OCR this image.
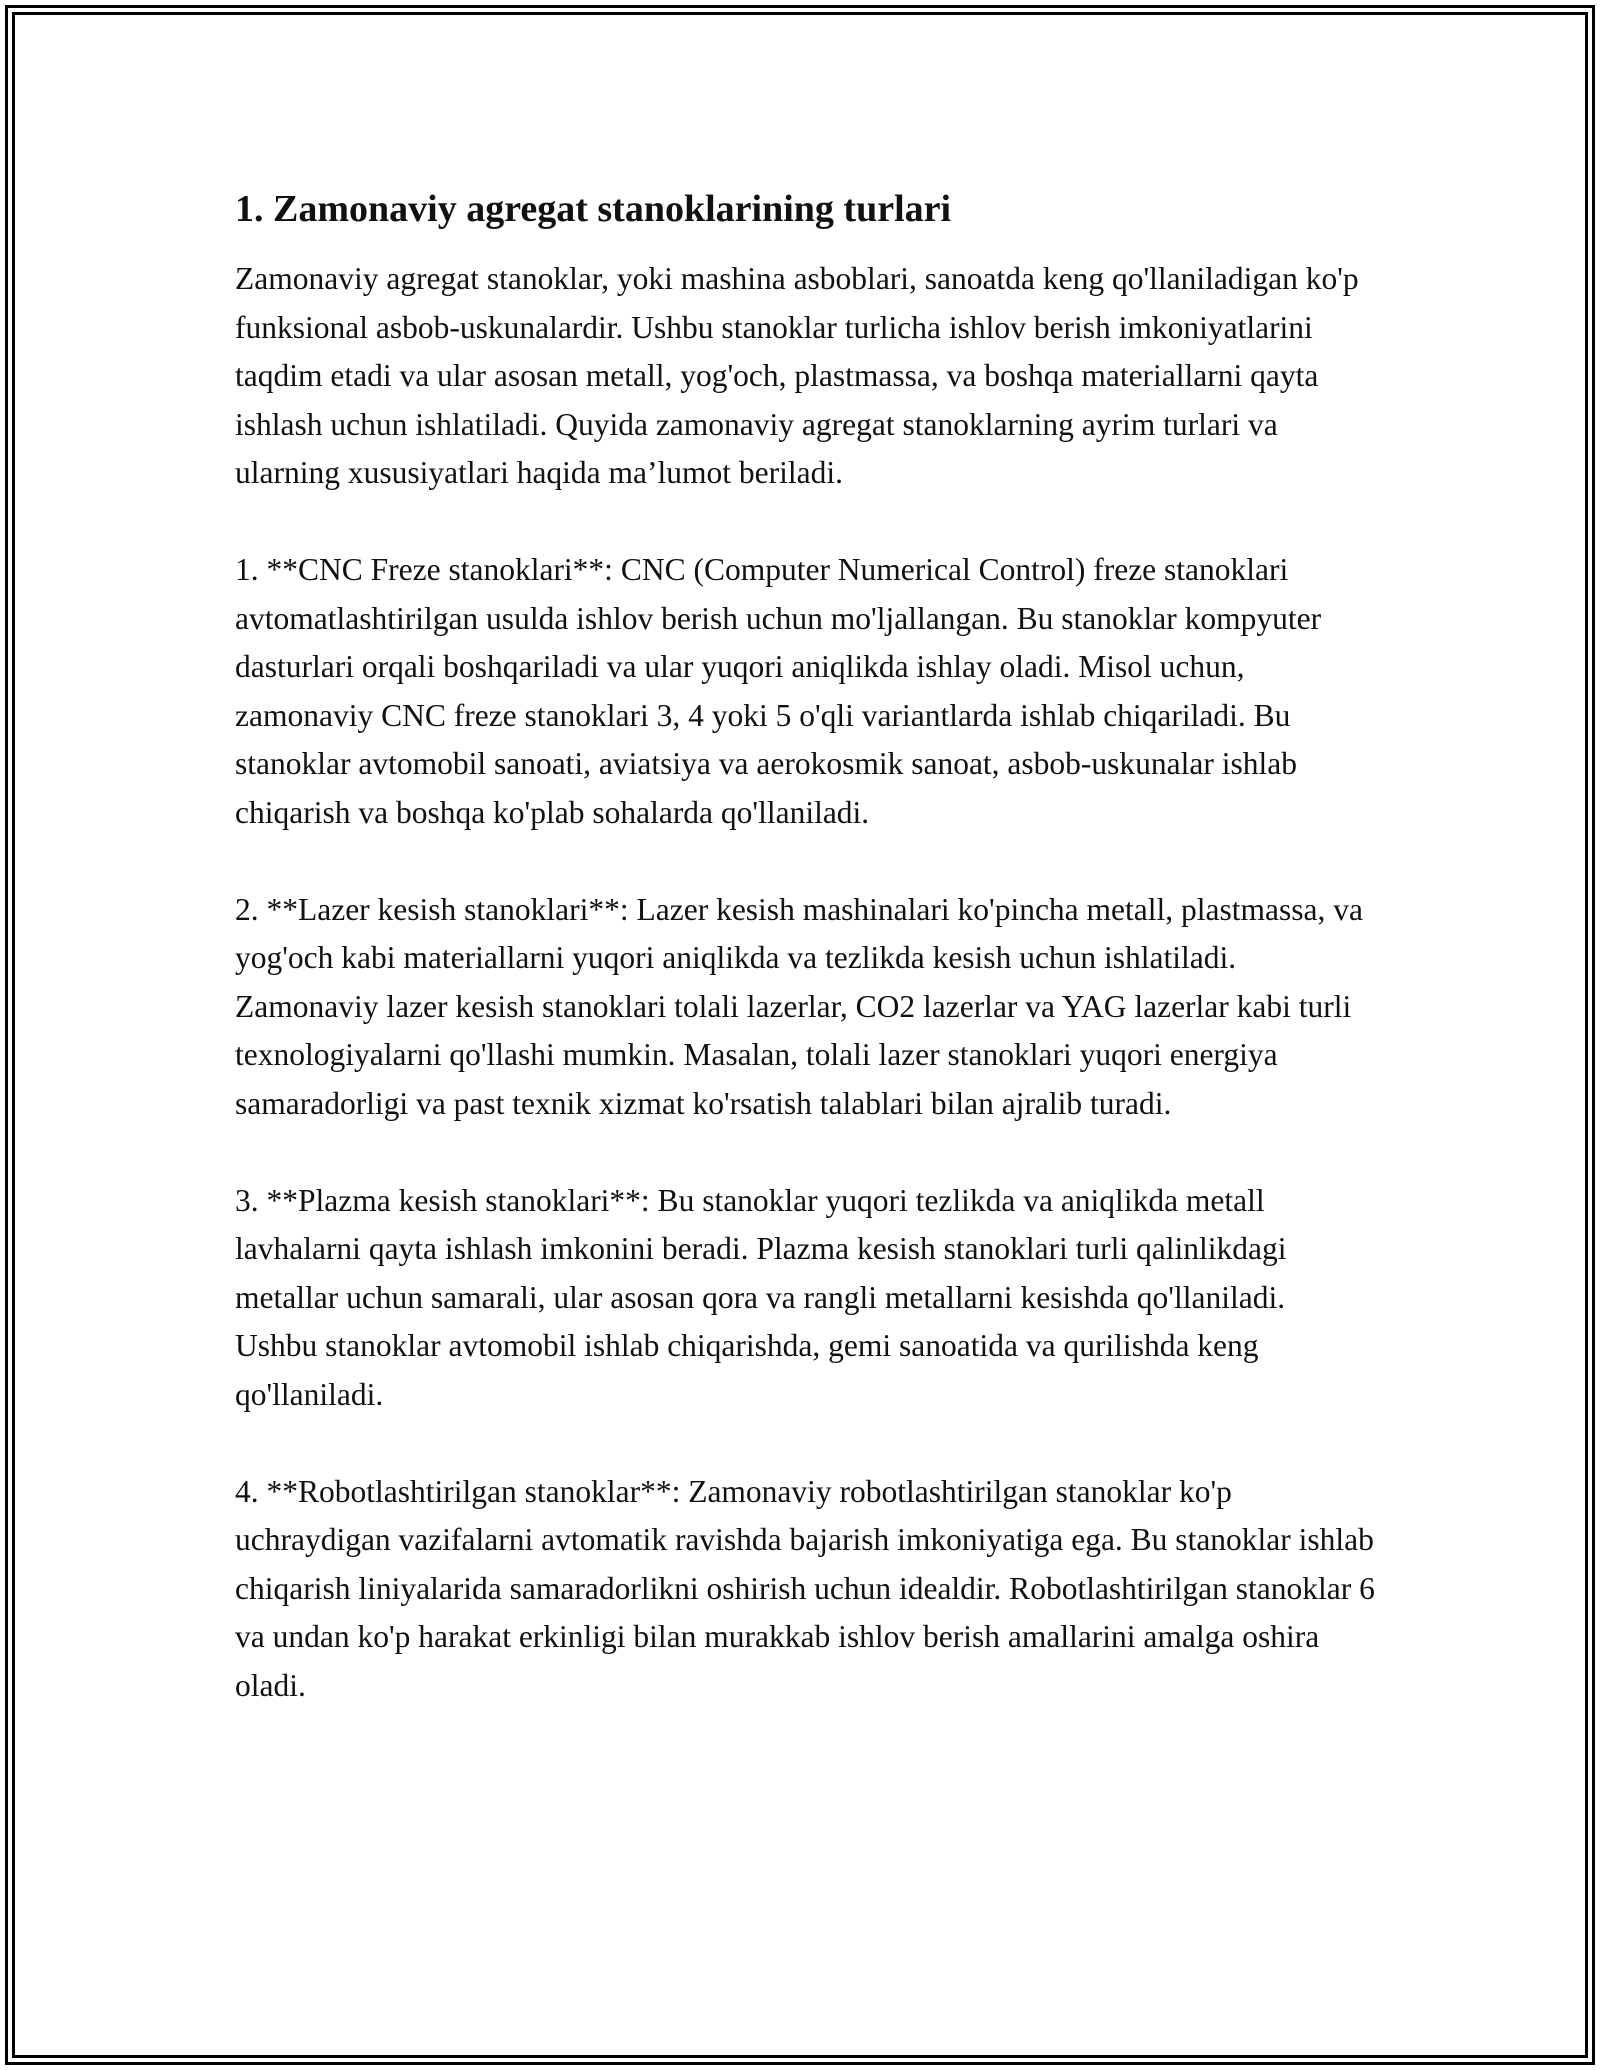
1. Zamonaviy agregat stanoklarining turlari

Zamonaviy agregat stanoklar, yoki mashina asboblari, sanoatda keng qo'llaniladigan ko'p funksional asbob-uskunalardir. Ushbu stanoklar turlicha ishlov berish imkoniyatlarini taqdim etadi va ular asosan metall, yog'och, plastmassa, va boshqa materiallarni qayta ishlash uchun ishlatiladi. Quyida zamonaviy agregat stanoklarning ayrim turlari va ularning xususiyatlari haqida ma’lumot beriladi.

1. **CNC Freze stanoklari**: CNC (Computer Numerical Control) freze stanoklari avtomatlashtirilgan usulda ishlov berish uchun mo'ljallangan. Bu stanoklar kompyuter dasturlari orqali boshqariladi va ular yuqori aniqlikda ishlay oladi. Misol uchun, zamonaviy CNC freze stanoklari 3, 4 yoki 5 o'qli variantlarda ishlab chiqariladi. Bu stanoklar avtomobil sanoati, aviatsiya va aerokosmik sanoat, asbob-uskunalar ishlab chiqarish va boshqa ko'plab sohalarda qo'llaniladi.

2. **Lazer kesish stanoklari**: Lazer kesish mashinalari ko'pincha metall, plastmassa, va yog'och kabi materiallarni yuqori aniqlikda va tezlikda kesish uchun ishlatiladi. Zamonaviy lazer kesish stanoklari tolali lazerlar, CO2 lazerlar va YAG lazerlar kabi turli texnologiyalarni qo'llashi mumkin. Masalan, tolali lazer stanoklari yuqori energiya samaradorligi va past texnik xizmat ko'rsatish talablari bilan ajralib turadi.

3. **Plazma kesish stanoklari**: Bu stanoklar yuqori tezlikda va aniqlikda metall lavhalarni qayta ishlash imkonini beradi. Plazma kesish stanoklari turli qalinlikdagi metallar uchun samarali, ular asosan qora va rangli metallarni kesishda qo'llaniladi. Ushbu stanoklar avtomobil ishlab chiqarishda, gemi sanoatida va qurilishda keng qo'llaniladi.

4. **Robotlashtirilgan stanoklar**: Zamonaviy robotlashtirilgan stanoklar ko'p uchraydigan vazifalarni avtomatik ravishda bajarish imkoniyatiga ega. Bu stanoklar ishlab chiqarish liniyalarida samaradorlikni oshirish uchun idealdir. Robotlashtirilgan stanoklar 6 va undan ko'p harakat erkinligi bilan murakkab ishlov berish amallarini amalga oshira oladi.
